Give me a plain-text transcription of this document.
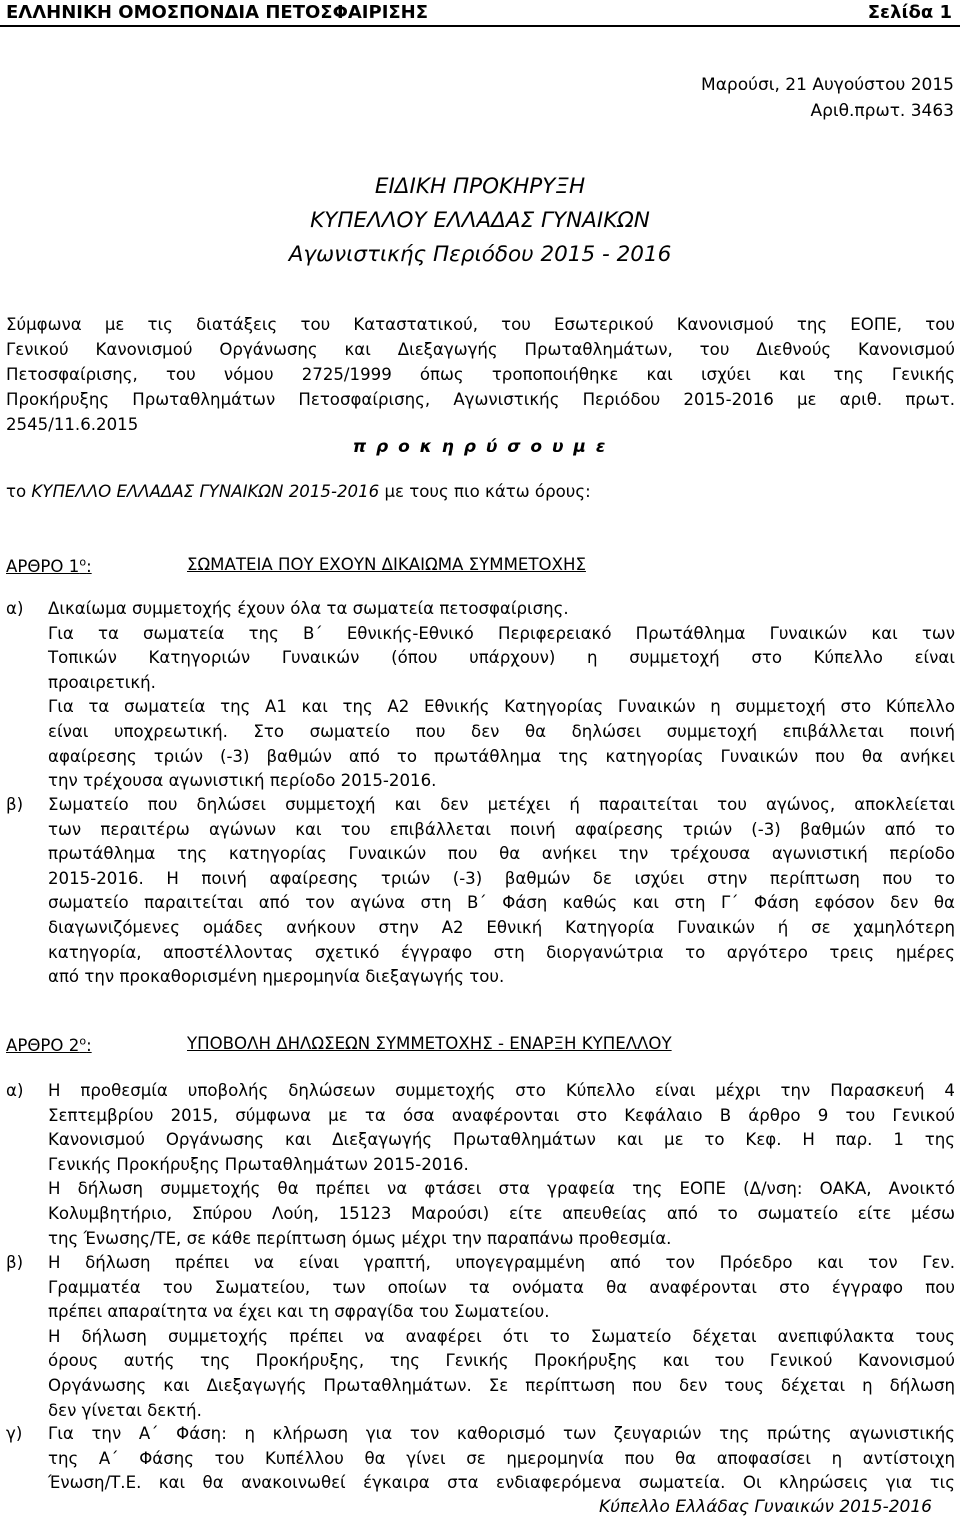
ΕΛΛΗΝΙΚΗ ΟΜΟΣΠΟΝΔΙΑ ΠΕΤΟΣΦΑΙΡΙΣΗΣ	Σελίδα 1
Μαρούσι, 21 Αυγούστου 2015
Αριθ.πρωτ. 3463
ΕΙΔΙΚΗ ΠΡΟΚΗΡΥΞΗ
ΚΥΠΕΛΛΟΥ ΕΛΛΑΔΑΣ ΓΥΝΑΙΚΩΝ
Αγωνιστικής Περιόδου 2015 - 2016
Σύμφωνα με τις διατάξεις του Καταστατικού, του Εσωτερικού Κανονισμού της ΕΟΠΕ, του
Γενικού Κανονισμού Οργάνωσης και Διεξαγωγής Πρωταθλημάτων, του Διεθνούς Κανονισμού
Πετοσφαίρισης, του νόμου 2725/1999 όπως τροποποιήθηκε και ισχύει και της Γενικής
Προκήρυξης Πρωταθλημάτων Πετοσφαίρισης, Αγωνιστικής Περιόδου 2015-2016 με αριθ. πρωτ.
2545/11.6.2015
π ρ ο κ η ρ ύ σ ο υ μ ε
το ΚΥΠΕΛΛΟ ΕΛΛΑΔΑΣ ΓΥΝΑΙΚΩΝ 2015-2016 με τους πιο κάτω όρους:
ΑΡΘΡΟ $1^o$:	ΣΩΜΑΤΕΙΑ ΠΟΥ ΕΧΟΥΝ ΔΙΚΑΙΩΜΑ ΣΥΜΜΕΤΟΧΗΣ
α) Δικαίωμα συμμετοχής έχουν όλα τα σωματεία πετοσφαίρισης.
Για τα σωματεία της Β΄ Εθνικής-Εθνικό Περιφερειακό Πρωτάθλημα Γυναικών και των
Τοπικών Κατηγοριών Γυναικών (όπου υπάρχουν) η συμμετοχή στο Κύπελλο είναι
προαιρετική.
Για τα σωματεία της Α1 και της Α2 Εθνικής Κατηγορίας Γυναικών η συμμετοχή στο Κύπελλο
είναι υποχρεωτική. Στο σωματείο που δεν θα δηλώσει συμμετοχή επιβάλλεται ποινή
αφαίρεσης τριών (-3) βαθμών από το πρωτάθλημα της κατηγορίας Γυναικών που θα ανήκει
την τρέχουσα αγωνιστική περίοδο 2015-2016.
β) Σωματείο που δηλώσει συμμετοχή και δεν μετέχει ή παραιτείται του αγώνος, αποκλείεται
των περαιτέρω αγώνων και του επιβάλλεται ποινή αφαίρεσης τριών (-3) βαθμών από το
πρωτάθλημα της κατηγορίας Γυναικών που θα ανήκει την τρέχουσα αγωνιστική περίοδο
2015-2016. Η ποινή αφαίρεσης τριών (-3) βαθμών δε ισχύει στην περίπτωση που το
σωματείο παραιτείται από τον αγώνα στη Β΄ Φάση καθώς και στη Γ΄ Φάση εφόσον δεν θα
διαγωνιζόμενες ομάδες ανήκουν στην Α2 Εθνική Κατηγορία Γυναικών ή σε χαμηλότερη
κατηγορία, αποστέλλοντας σχετικό έγγραφο στη διοργανώτρια το αργότερο τρεις ημέρες
από την προκαθορισμένη ημερομηνία διεξαγωγής του.
ΑΡΘΡΟ $2^o$:	ΥΠΟΒΟΛΗ ΔΗΛΩΣΕΩΝ ΣΥΜΜΕΤΟΧΗΣ - ΕΝΑΡΞΗ ΚΥΠΕΛΛΟΥ
α) Η προθεσμία υποβολής δηλώσεων συμμετοχής στο Κύπελλο είναι μέχρι την Παρασκευή 4
Σεπτεμβρίου 2015, σύμφωνα με τα όσα αναφέρονται στο Κεφάλαιο Β άρθρο 9 του Γενικού
Κανονισμού Οργάνωσης και Διεξαγωγής Πρωταθλημάτων και με το Κεφ. Η παρ. 1 της
Γενικής Προκήρυξης Πρωταθλημάτων 2015-2016.
Η δήλωση συμμετοχής θα πρέπει να φτάσει στα γραφεία της ΕΟΠΕ (Δ/νση: ΟΑΚΑ, Ανοικτό
Κολυμβητήριο, Σπύρου Λούη, 15123 Μαρούσι) είτε απευθείας από το σωματείο είτε μέσω
της Ένωσης/ΤΕ, σε κάθε περίπτωση όμως μέχρι την παραπάνω προθεσμία.
β) Η δήλωση πρέπει να είναι γραπτή, υπογεγραμμένη από τον Πρόεδρο και τον Γεν.
Γραμματέα του Σωματείου, των οποίων τα ονόματα θα αναφέρονται στο έγγραφο που
πρέπει απαραίτητα να έχει και τη σφραγίδα του Σωματείου.
Η δήλωση συμμετοχής πρέπει να αναφέρει ότι το Σωματείο δέχεται ανεπιφύλακτα τους
όρους αυτής της Προκήρυξης, της Γενικής Προκήρυξης και του Γενικού Κανονισμού
Οργάνωσης και Διεξαγωγής Πρωταθλημάτων. Σε περίπτωση που δεν τους δέχεται η δήλωση
δεν γίνεται δεκτή.
γ) Για την Α΄ Φάση: η κλήρωση για τον καθορισμό των ζευγαριών της πρώτης αγωνιστικής
της Α΄ Φάσης του Κυπέλλου θα γίνει σε ημερομηνία που θα αποφασίσει η αντίστοιχη
Ένωση/Τ.Ε. και θα ανακοινωθεί έγκαιρα στα ενδιαφερόμενα σωματεία. Οι κληρώσεις για τις
Κύπελλο Ελλάδας Γυναικών 2015-2016
